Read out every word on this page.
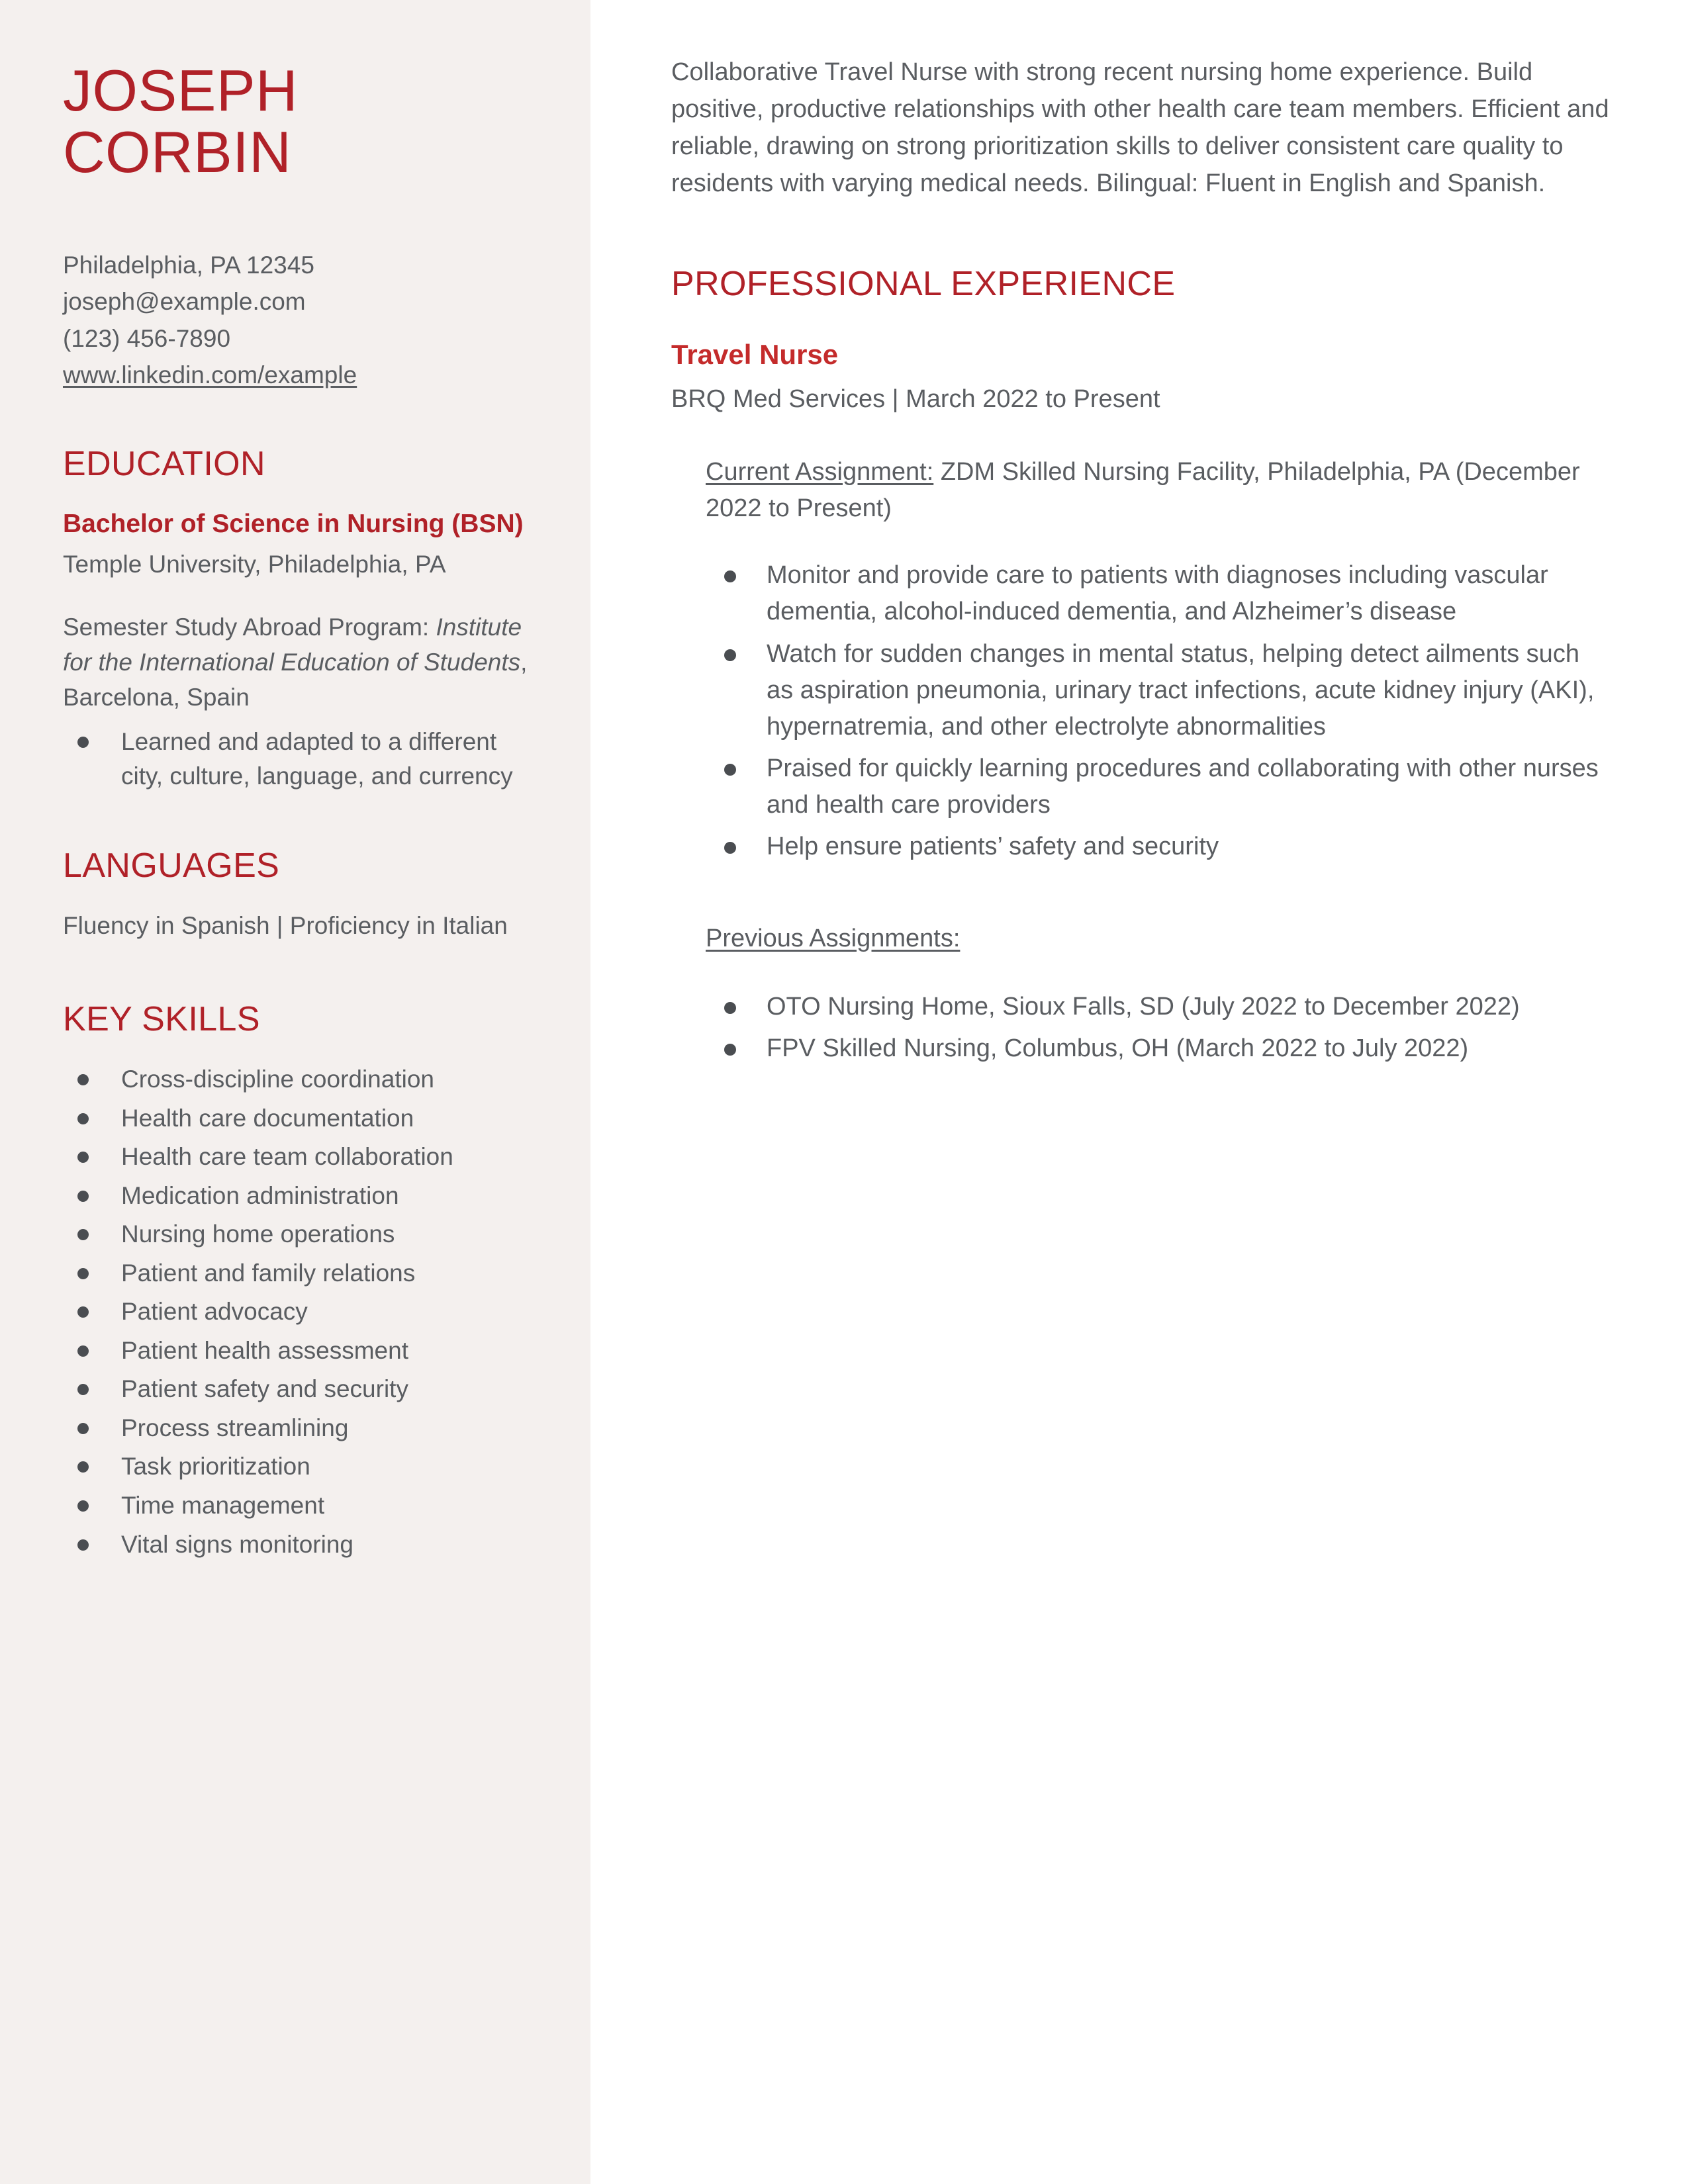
JOSEPH
CORBIN
Philadelphia, PA 12345
joseph@example.com
(123) 456-7890
www.linkedin.com/example
EDUCATION
Bachelor of Science in Nursing (BSN)
Temple University, Philadelphia, PA
Semester Study Abroad Program: Institute for the International Education of Students, Barcelona, Spain
Learned and adapted to a different city, culture, language, and currency
LANGUAGES
Fluency in Spanish | Proficiency in Italian
KEY SKILLS
Cross-discipline coordination
Health care documentation
Health care team collaboration
Medication administration
Nursing home operations
Patient and family relations
Patient advocacy
Patient health assessment
Patient safety and security
Process streamlining
Task prioritization
Time management
Vital signs monitoring

Collaborative Travel Nurse with strong recent nursing home experience. Build positive, productive relationships with other health care team members. Efficient and reliable, drawing on strong prioritization skills to deliver consistent care quality to residents with varying medical needs. Bilingual: Fluent in English and Spanish.

PROFESSIONAL EXPERIENCE
Travel Nurse
BRQ Med Services | March 2022 to Present

Current Assignment: ZDM Skilled Nursing Facility, Philadelphia, PA (December 2022 to Present)

Monitor and provide care to patients with diagnoses including vascular dementia, alcohol-induced dementia, and Alzheimer’s disease
Watch for sudden changes in mental status, helping detect ailments such as aspiration pneumonia, urinary tract infections, acute kidney injury (AKI), hypernatremia, and other electrolyte abnormalities
Praised for quickly learning procedures and collaborating with other nurses and health care providers
Help ensure patients’ safety and security

Previous Assignments:

OTO Nursing Home, Sioux Falls, SD (July 2022 to December 2022)
FPV Skilled Nursing, Columbus, OH (March 2022 to July 2022)
